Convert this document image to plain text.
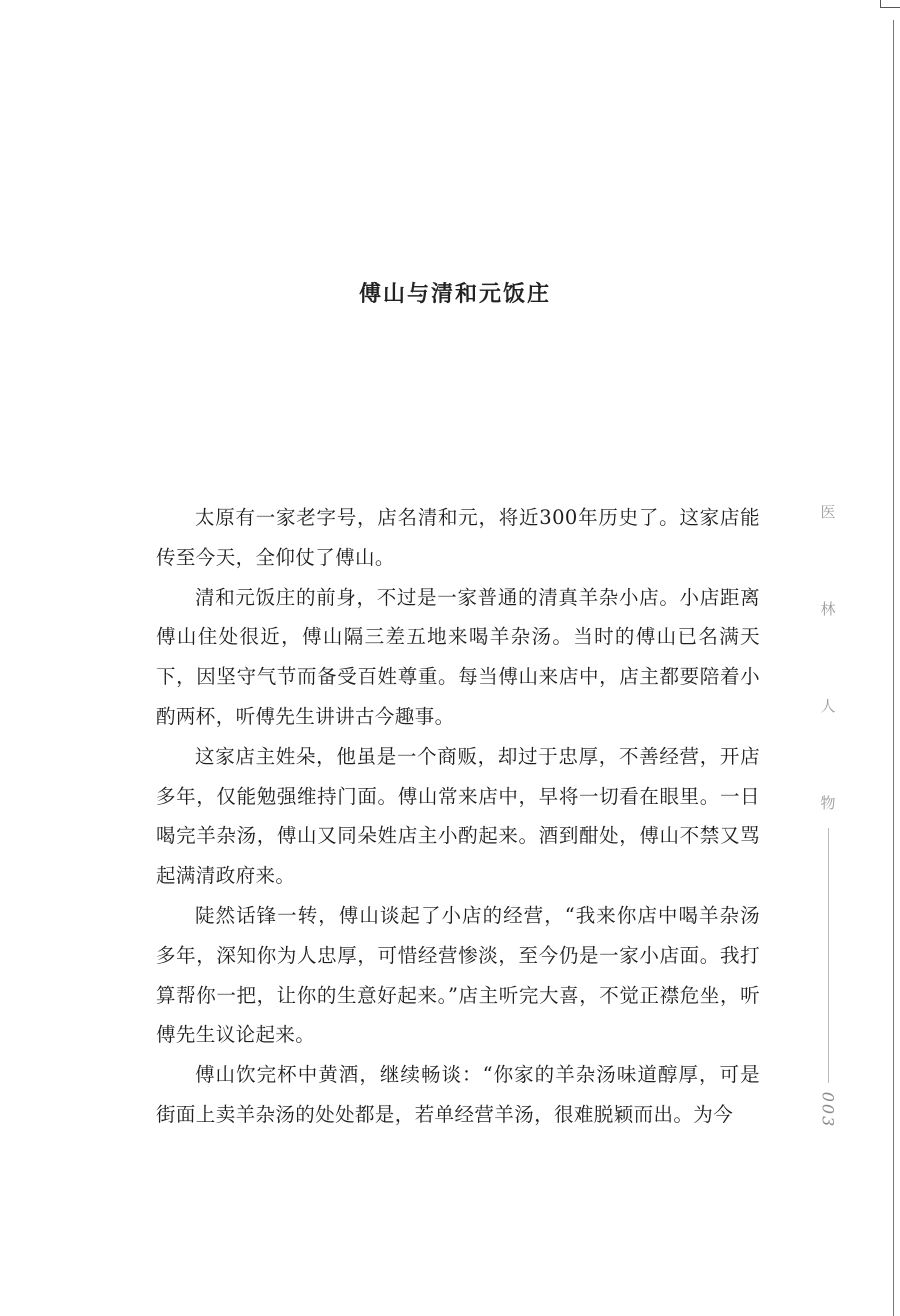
傅山与清和元饭庄

太原有一家老字号，店名清和元，将近300年历史了。这家店能传至今天，全仰仗了傅山。

清和元饭庄的前身，不过是一家普通的清真羊杂小店。小店距离傅山住处很近，傅山隔三差五地来喝羊杂汤。当时的傅山已名满天下，因坚守气节而备受百姓尊重。每当傅山来店中，店主都要陪着小酌两杯，听傅先生讲讲古今趣事。

这家店主姓朵，他虽是一个商贩，却过于忠厚，不善经营，开店多年，仅能勉强维持门面。傅山常来店中，早将一切看在眼里。一日喝完羊杂汤，傅山又同朵姓店主小酌起来。酒到酣处，傅山不禁又骂起满清政府来。

陡然话锋一转，傅山谈起了小店的经营，“我来你店中喝羊杂汤多年，深知你为人忠厚，可惜经营惨淡，至今仍是一家小店面。我打算帮你一把，让你的生意好起来。”店主听完大喜，不觉正襟危坐，听傅先生议论起来。

傅山饮完杯中黄酒，继续畅谈：“你家的羊杂汤味道醇厚，可是街面上卖羊杂汤的处处都是，若单经营羊汤，很难脱颖而出。为今

医
林
人
物
003
